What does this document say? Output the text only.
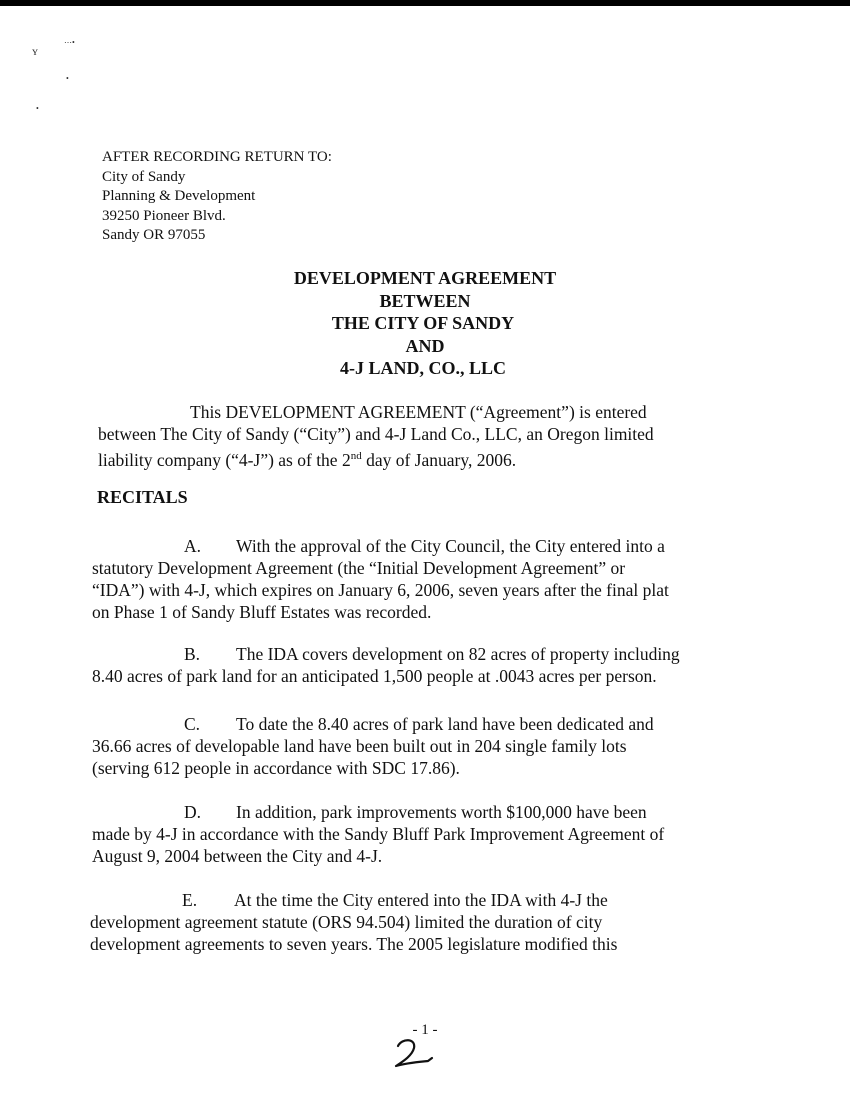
ʏ
⋯•
•
•
AFTER RECORDING RETURN TO:
City of Sandy
Planning & Development
39250 Pioneer Blvd.
Sandy OR 97055
DEVELOPMENT AGREEMENT
BETWEEN
THE CITY OF SANDY
AND
4-J LAND, CO., LLC
This DEVELOPMENT AGREEMENT (“Agreement”) is entered
between The City of Sandy (“City”) and 4-J Land Co., LLC, an Oregon limited
liability company (“4-J”) as of the 2nd day of January, 2006.
RECITALS
A. With the approval of the City Council, the City entered into a
statutory Development Agreement (the “Initial Development Agreement” or
“IDA”) with 4-J, which expires on January 6, 2006, seven years after the final plat
on Phase 1 of Sandy Bluff Estates was recorded.
B. The IDA covers development on 82 acres of property including
8.40 acres of park land for an anticipated 1,500 people at .0043 acres per person.
C. To date the 8.40 acres of park land have been dedicated and
36.66 acres of developable land have been built out in 204 single family lots
(serving 612 people in accordance with SDC 17.86).
D. In addition, park improvements worth $100,000 have been
made by 4-J in accordance with the Sandy Bluff Park Improvement Agreement of
August 9, 2004 between the City and 4-J.
E. At the time the City entered into the IDA with 4-J the
development agreement statute (ORS 94.504) limited the duration of city
development agreements to seven years. The 2005 legislature modified this
- 1 -
